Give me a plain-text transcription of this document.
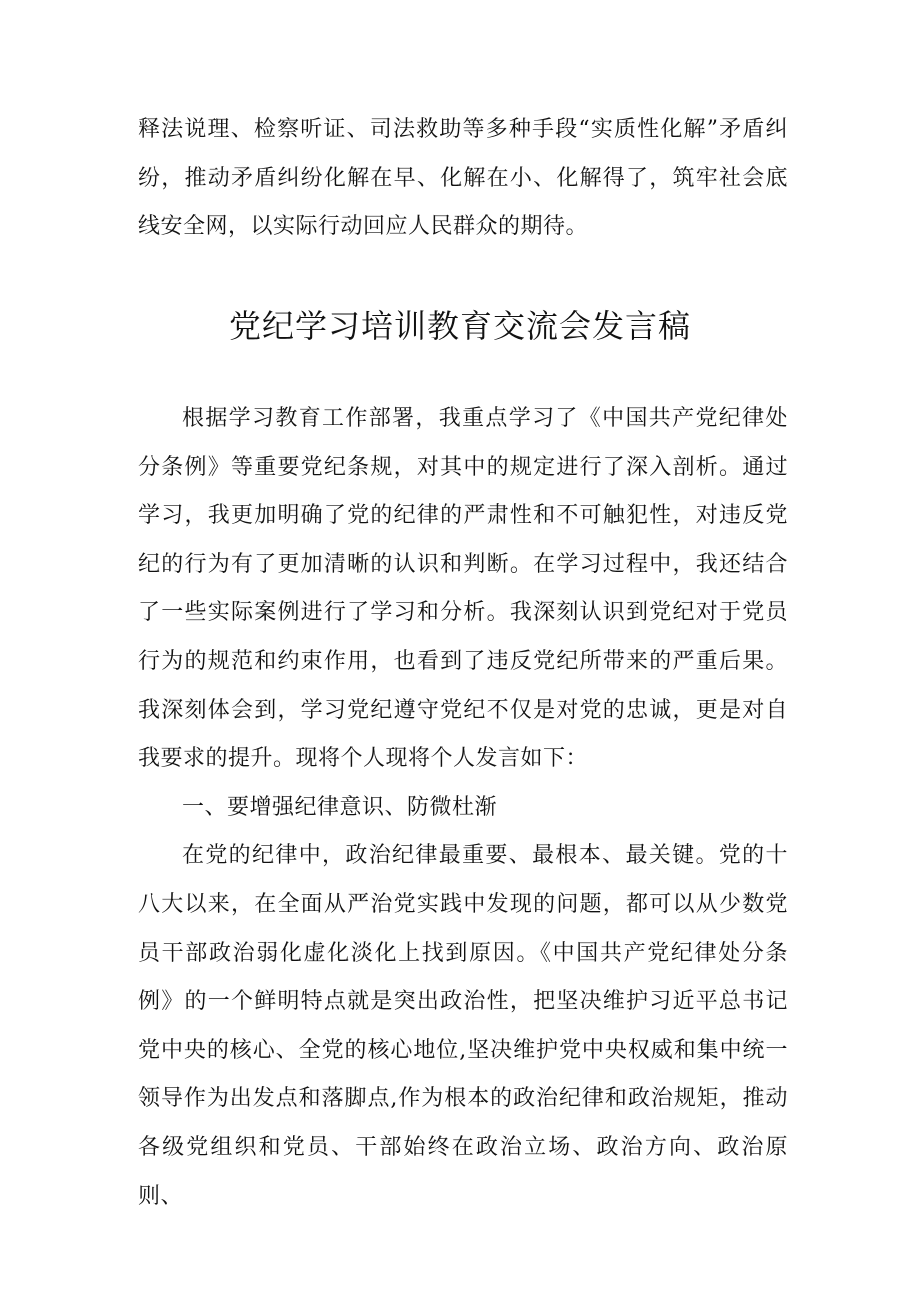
释法说理、检察听证、司法救助等多种手段“实质性化解”矛盾纠纷，推动矛盾纠纷化解在早、化解在小、化解得了，筑牢社会底线安全网，以实际行动回应人民群众的期待。
党纪学习培训教育交流会发言稿

根据学习教育工作部署，我重点学习了《中国共产党纪律处分条例》等重要党纪条规，对其中的规定进行了深入剖析。通过学习，我更加明确了党的纪律的严肃性和不可触犯性，对违反党纪的行为有了更加清晰的认识和判断。在学习过程中，我还结合了一些实际案例进行了学习和分析。我深刻认识到党纪对于党员行为的规范和约束作用，也看到了违反党纪所带来的严重后果。我深刻体会到，学习党纪遵守党纪不仅是对党的忠诚，更是对自我要求的提升。现将个人现将个人发言如下：

一、要增强纪律意识、防微杜渐

在党的纪律中，政治纪律最重要、最根本、最关键。党的十八大以来，在全面从严治党实践中发现的问题，都可以从少数党员干部政治弱化虚化淡化上找到原因。《中国共产党纪律处分条例》的一个鲜明特点就是突出政治性，把坚决维护习近平总书记党中央的核心、全党的核心地位,坚决维护党中央权威和集中统一领导作为出发点和落脚点,作为根本的政治纪律和政治规矩，推动各级党组织和党员、干部始终在政治立场、政治方向、政治原则、
